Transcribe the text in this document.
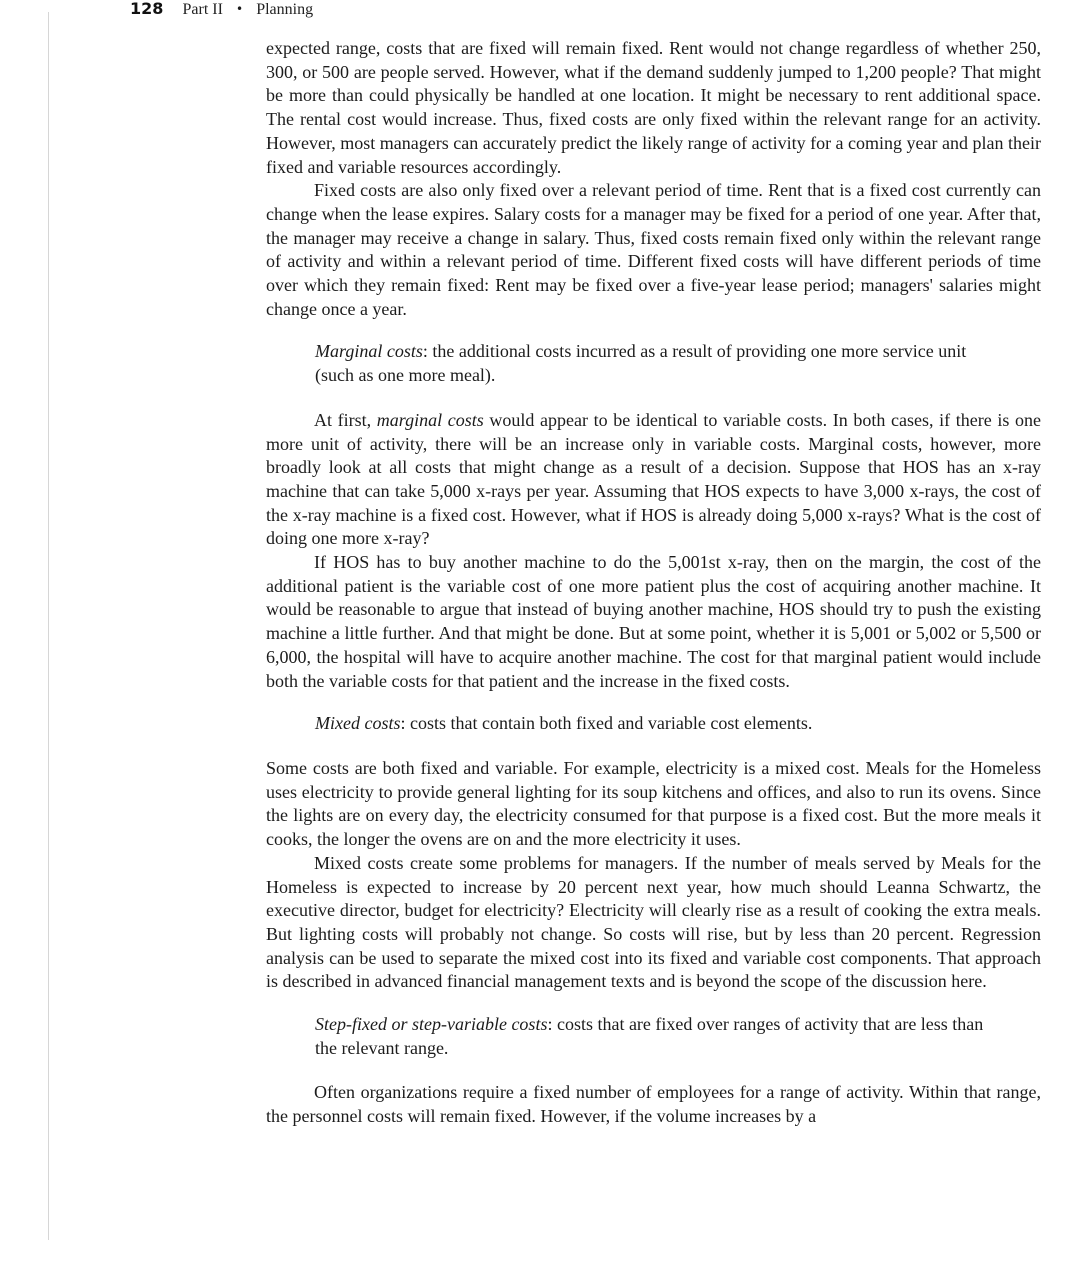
128 Part II • Planning

expected range, costs that are fixed will remain fixed. Rent would not change regardless of whether 250, 300, or 500 are people served. However, what if the demand suddenly jumped to 1,200 people? That might be more than could physically be handled at one location. It might be necessary to rent additional space. The rental cost would increase. Thus, fixed costs are only fixed within the relevant range for an activity. However, most managers can accurately predict the likely range of activity for a coming year and plan their fixed and variable resources accordingly.

Fixed costs are also only fixed over a relevant period of time. Rent that is a fixed cost currently can change when the lease expires. Salary costs for a manager may be fixed for a period of one year. After that, the manager may receive a change in salary. Thus, fixed costs remain fixed only within the relevant range of activity and within a relevant period of time. Different fixed costs will have different periods of time over which they remain fixed: Rent may be fixed over a five-year lease period; managers' salaries might change once a year.

Marginal costs: the additional costs incurred as a result of providing one more service unit (such as one more meal).

At first, marginal costs would appear to be identical to variable costs. In both cases, if there is one more unit of activity, there will be an increase only in variable costs. Marginal costs, however, more broadly look at all costs that might change as a result of a decision. Suppose that HOS has an x-ray machine that can take 5,000 x-rays per year. Assuming that HOS expects to have 3,000 x-rays, the cost of the x-ray machine is a fixed cost. However, what if HOS is already doing 5,000 x-rays? What is the cost of doing one more x-ray?

If HOS has to buy another machine to do the 5,001st x-ray, then on the margin, the cost of the additional patient is the variable cost of one more patient plus the cost of acquiring another machine. It would be reasonable to argue that instead of buying another machine, HOS should try to push the existing machine a little further. And that might be done. But at some point, whether it is 5,001 or 5,002 or 5,500 or 6,000, the hospital will have to acquire another machine. The cost for that marginal patient would include both the variable costs for that patient and the increase in the fixed costs.

Mixed costs: costs that contain both fixed and variable cost elements.

Some costs are both fixed and variable. For example, electricity is a mixed cost. Meals for the Homeless uses electricity to provide general lighting for its soup kitchens and offices, and also to run its ovens. Since the lights are on every day, the electricity consumed for that purpose is a fixed cost. But the more meals it cooks, the longer the ovens are on and the more electricity it uses.

Mixed costs create some problems for managers. If the number of meals served by Meals for the Homeless is expected to increase by 20 percent next year, how much should Leanna Schwartz, the executive director, budget for electricity? Electricity will clearly rise as a result of cooking the extra meals. But lighting costs will probably not change. So costs will rise, but by less than 20 percent. Regression analysis can be used to separate the mixed cost into its fixed and variable cost components. That approach is described in advanced financial management texts and is beyond the scope of the discussion here.

Step-fixed or step-variable costs: costs that are fixed over ranges of activity that are less than the relevant range.

Often organizations require a fixed number of employees for a range of activity. Within that range, the personnel costs will remain fixed. However, if the volume increases by a
